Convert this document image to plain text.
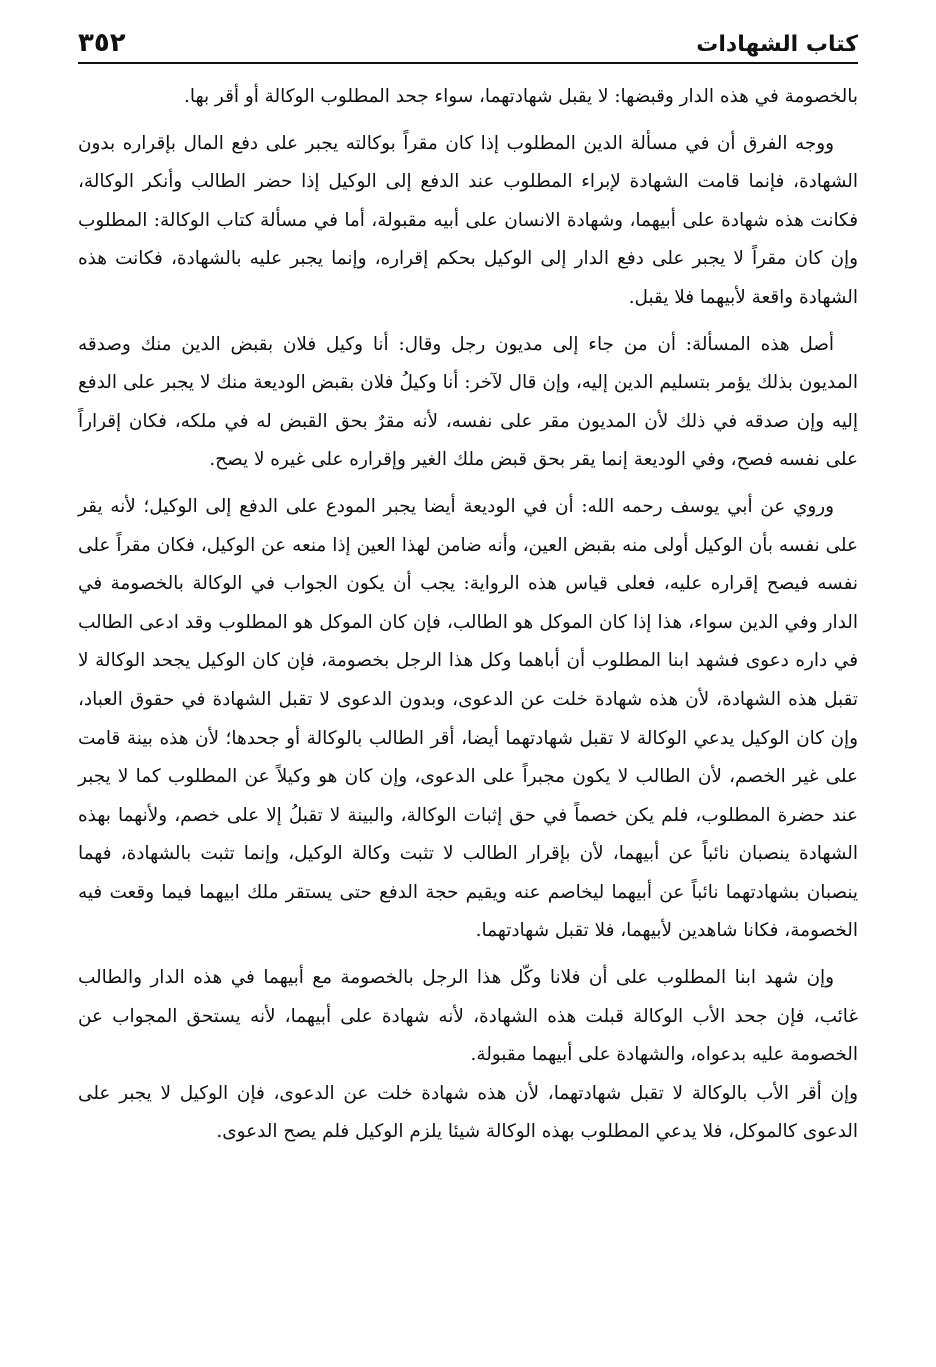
كتاب الشهادات
٣٥٢

بالخصومة في هذه الدار وقبضها: لا يقبل شهادتهما، سواء جحد المطلوب الوكالة أو أقر بها.

ووجه الفرق أن في مسألة الدين المطلوب إذا كان مقراً بوكالته يجبر على دفع المال بإقراره بدون الشهادة، فإنما قامت الشهادة لإبراء المطلوب عند الدفع إلى الوكيل إذا حضر الطالب وأنكر الوكالة، فكانت هذه شهادة على أبيهما، وشهادة الانسان على أبيه مقبولة، أما في مسألة كتاب الوكالة: المطلوب وإن كان مقراً لا يجبر على دفع الدار إلى الوكيل بحكم إقراره، وإنما يجبر عليه بالشهادة، فكانت هذه الشهادة واقعة لأبيهما فلا يقبل.

أصل هذه المسألة: أن من جاء إلى مديون رجل وقال: أنا وكيل فلان بقبض الدين منك وصدقه المديون بذلك يؤمر بتسليم الدين إليه، وإن قال لآخر: أنا وكيلُ فلان بقبض الوديعة منك لا يجبر على الدفع إليه وإن صدقه في ذلك لأن المديون مقر على نفسه، لأنه مقرٌ بحق القبض له في ملكه، فكان إقراراً على نفسه فصح، وفي الوديعة إنما يقر بحق قبض ملك الغير وإقراره على غيره لا يصح.

وروي عن أبي يوسف رحمه الله: أن في الوديعة أيضا يجبر المودع على الدفع إلى الوكيل؛ لأنه يقر على نفسه بأن الوكيل أولى منه بقبض العين، وأنه ضامن لهذا العين إذا منعه عن الوكيل، فكان مقراً على نفسه فيصح إقراره عليه، فعلى قياس هذه الرواية: يجب أن يكون الجواب في الوكالة بالخصومة في الدار وفي الدين سواء، هذا إذا كان الموكل هو الطالب، فإن كان الموكل هو المطلوب وقد ادعى الطالب في داره دعوى فشهد ابنا المطلوب أن أباهما وكل هذا الرجل بخصومة، فإن كان الوكيل يجحد الوكالة لا تقبل هذه الشهادة، لأن هذه شهادة خلت عن الدعوى، وبدون الدعوى لا تقبل الشهادة في حقوق العباد، وإن كان الوكيل يدعي الوكالة لا تقبل شهادتهما أيضا، أقر الطالب بالوكالة أو جحدها؛ لأن هذه بينة قامت على غير الخصم، لأن الطالب لا يكون مجبراً على الدعوى، وإن كان هو وكيلاً عن المطلوب كما لا يجبر عند حضرة المطلوب، فلم يكن خصماً في حق إثبات الوكالة، والبينة لا تقبلُ إلا على خصم، ولأنهما بهذه الشهادة ينصبان نائباً عن أبيهما، لأن بإقرار الطالب لا تثبت وكالة الوكيل، وإنما تثبت بالشهادة، فهما ينصبان بشهادتهما نائباً عن أبيهما ليخاصم عنه ويقيم حجة الدفع حتى يستقر ملك ابيهما فيما وقعت فيه الخصومة، فكانا شاهدين لأبيهما، فلا تقبل شهادتهما.

وإن شهد ابنا المطلوب على أن فلانا وكّل هذا الرجل بالخصومة مع أبيهما في هذه الدار والطالب غائب، فإن جحد الأب الوكالة قبلت هذه الشهادة، لأنه شهادة على أبيهما، لأنه يستحق المجواب عن الخصومة عليه بدعواه، والشهادة على أبيهما مقبولة.

وإن أقر الأب بالوكالة لا تقبل شهادتهما، لأن هذه شهادة خلت عن الدعوى، فإن الوكيل لا يجبر على الدعوى كالموكل، فلا يدعي المطلوب بهذه الوكالة شيئا يلزم الوكيل فلم يصح الدعوى.
